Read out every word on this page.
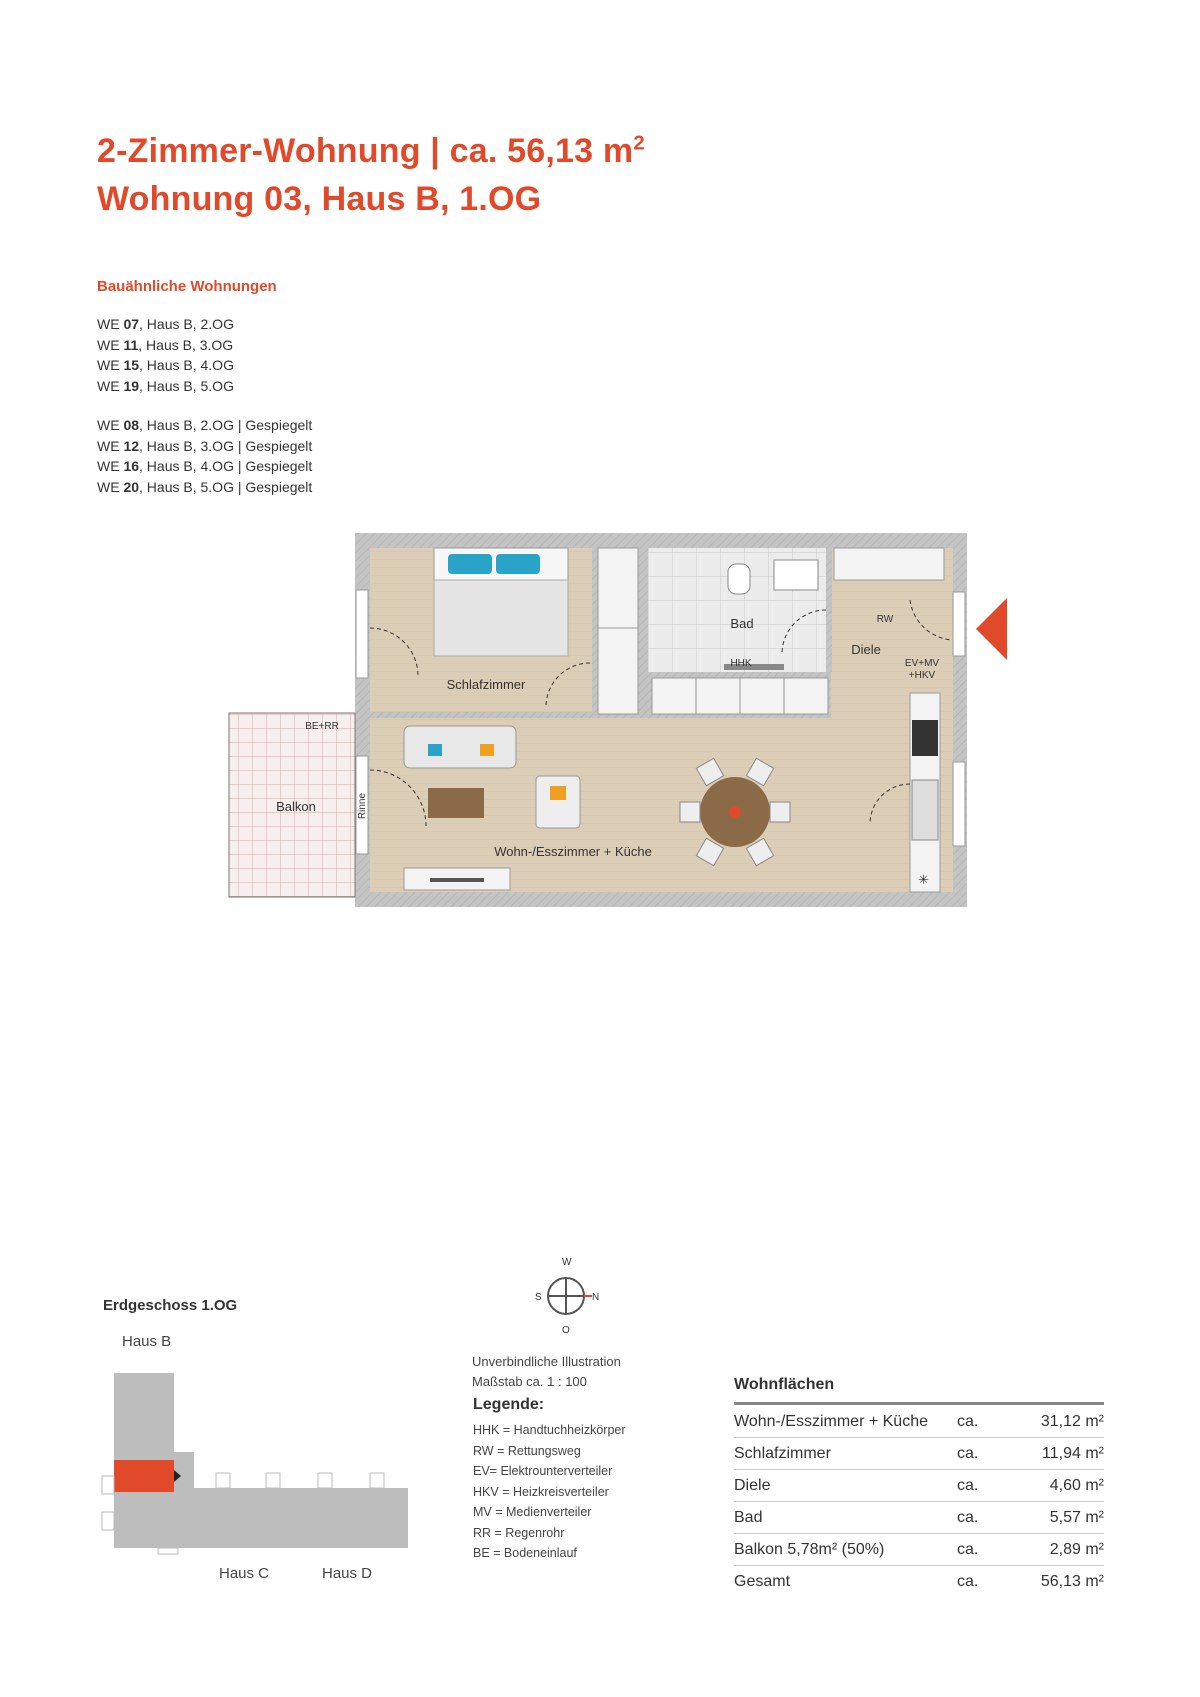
2-Zimmer-Wohnung | ca. 56,13 $m^2$
Wohnung 03, Haus B, 1.OG
Bauähnliche Wohnungen
WE 07, Haus B, 2.OG
WE 11, Haus B, 3.OG
WE 15, Haus B, 4.OG
WE 19, Haus B, 5.OG
WE 08, Haus B, 2.OG | Gespiegelt
WE 12, Haus B, 3.OG | Gespiegelt
WE 16, Haus B, 4.OG | Gespiegelt
WE 20, Haus B, 5.OG | Gespiegelt
✳
Schlafzimmer
Bad
Diele
Wohn-/Esszimmer + Küche
Balkon
HHK
RW
EV+MV
+HKV
BE+RR
Rinne
W
S	N
O
Erdgeschoss 1.OG
Haus B
Haus C	Haus D
Unverbindliche Illustration
Maßstab ca. 1 : 100
Legende:
HHK = Handtuchheizkörper
RW = Rettungsweg
EV= Elektrounterverteiler
HKV = Heizkreisverteiler
MV = Medienverteiler
RR = Regenrohr
BE = Bodeneinlauf
Wohnflächen
Wohn-/Esszimmer + Küche	ca.	31,12 m²
Schlafzimmer	ca.	11,94 m²
Diele	ca.	4,60 m²
Bad	ca.	5,57 m²
Balkon 5,78m² (50%)	ca.	2,89 m²
Gesamt	ca.	56,13 m²
